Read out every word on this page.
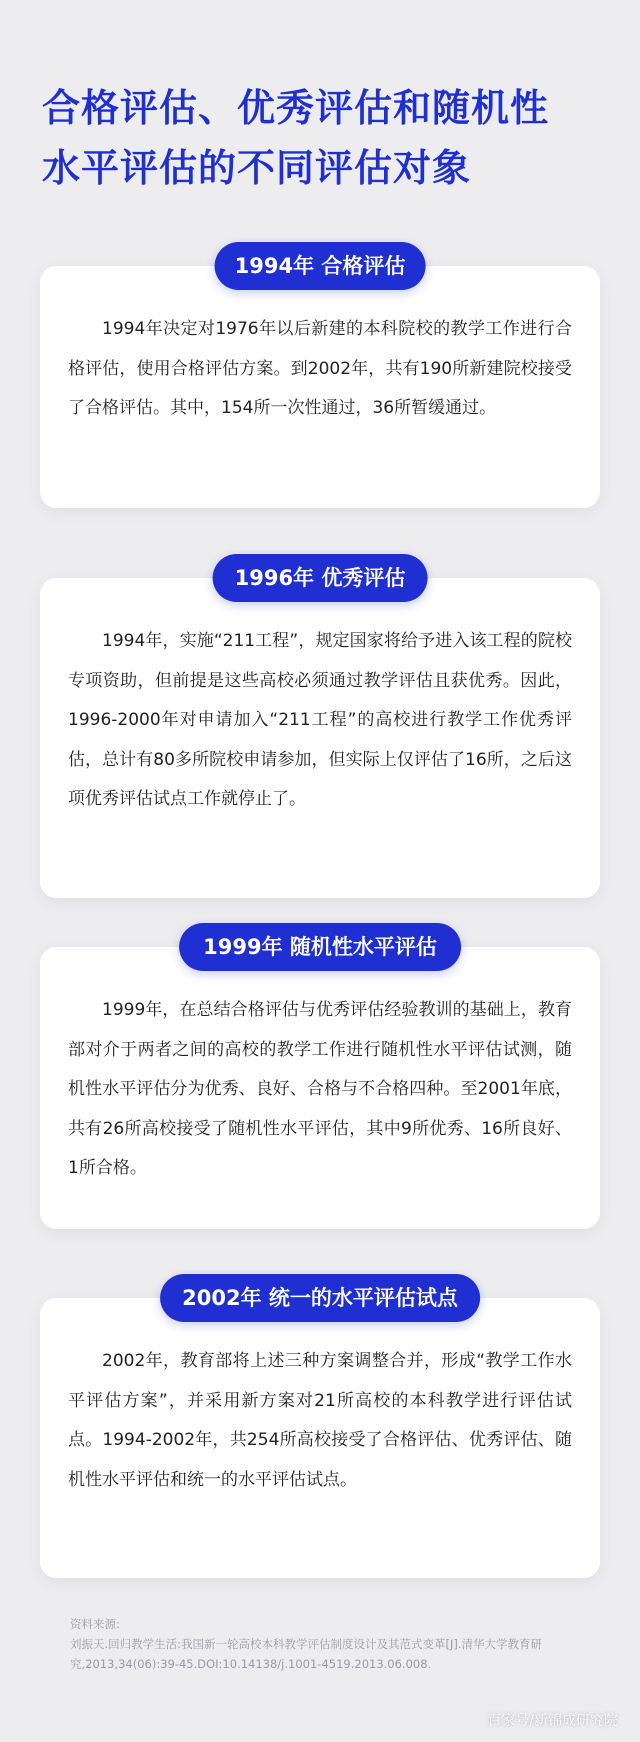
合格评估、优秀评估和随机性
水平评估的不同评估对象
1994年 合格评估
1994年决定对1976年以后新建的本科院校的教学工作进行合格评估，使用合格评估方案。到2002年，共有190所新建院校接受了合格评估。其中，154所一次性通过，36所暂缓通过。
1996年 优秀评估
1994年，实施“211工程”，规定国家将给予进入该工程的院校专项资助，但前提是这些高校必须通过教学评估且获优秀。因此，1996-2000年对申请加入“211工程”的高校进行教学工作优秀评估，总计有80多所院校申请参加，但实际上仅评估了16所，之后这项优秀评估试点工作就停止了。
1999年 随机性水平评估
1999年，在总结合格评估与优秀评估经验教训的基础上，教育部对介于两者之间的高校的教学工作进行随机性水平评估试测，随机性水平评估分为优秀、良好、合格与不合格四种。至2001年底，共有26所高校接受了随机性水平评估，其中9所优秀、16所良好、1所合格。
2002年 统一的水平评估试点
2002年，教育部将上述三种方案调整合并，形成“教学工作水平评估方案”，并采用新方案对21所高校的本科教学进行评估试点。1994-2002年，共254所高校接受了合格评估、优秀评估、随机性水平评估和统一的水平评估试点。
资料来源:
刘振天.回归教学生活:我国新一轮高校本科教学评估制度设计及其范式变革[J].清华大学教育研究,2013,34(06):39-45.DOI:10.14138/j.1001-4519.2013.06.008.
百家号/新锦成研究院
